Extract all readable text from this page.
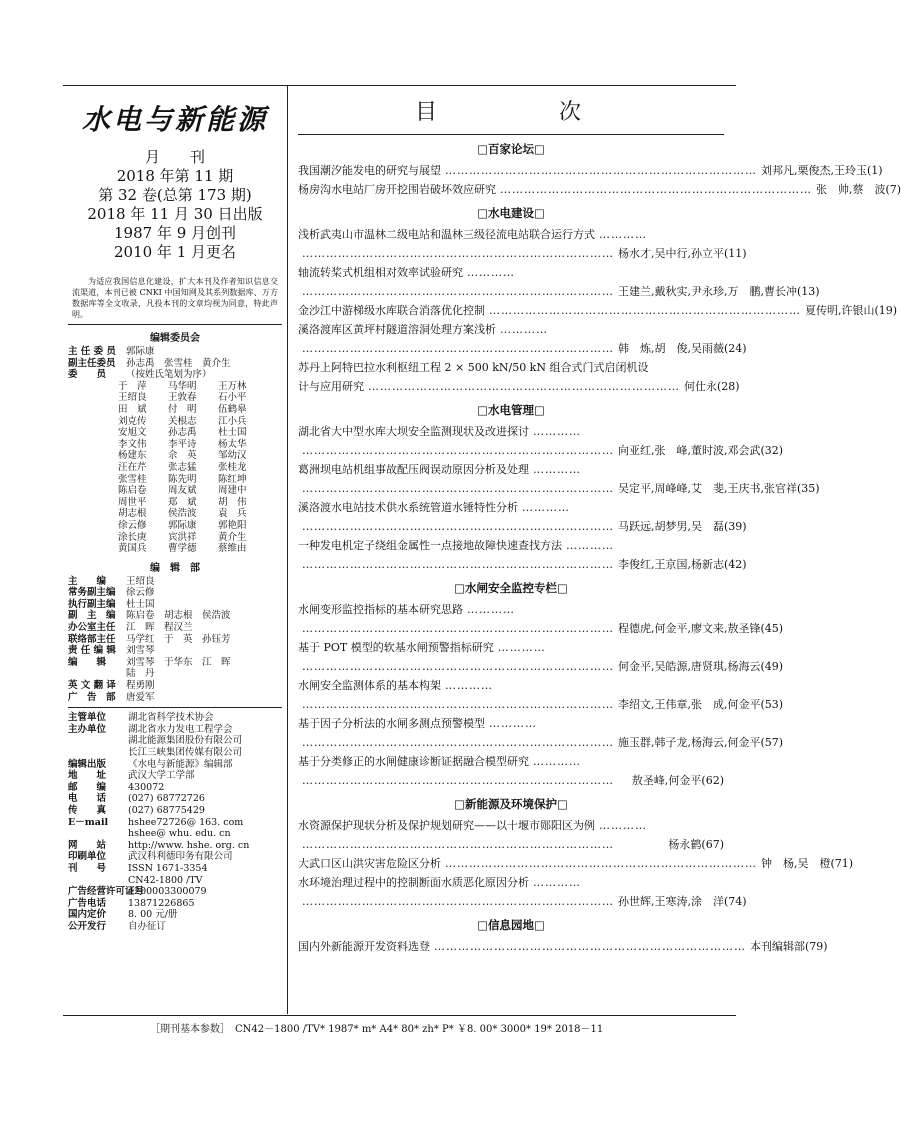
水电与新能源
月　　刊
2018 年第 11 期
第 32 卷(总第 173 期)
2018 年 11 月 30 日出版
1987 年 9 月创刊
2010 年 1 月更名
为适应我国信息化建设，扩大本刊及作者知识信息交流渠道，本刊已被 CNKI 中国知网及其系列数据库、万方数据库等全文收录，凡投本刊的文章均视为同意，特此声明。
编辑委员会
主 任 委 员	郭际康
副主任委员	孙志禹　张雪桂　黄介生
委　　员	（按姓氏笔划为序）
于　萍	马华明	王万林
王绍良	王敦春	石小平
田　斌	付　明	伍鹤皋
刘克传	关根志	江小兵
安旭文	孙志禹	杜士国
李文伟	李平诗	杨太华
杨建东	佘　英	邹幼汉
汪在芹	张志猛	张桂龙
张雪桂	陈先明	陈红坤
陈启卷	周友斌	周建中
周世平	郑　斌	胡　伟
胡志根	侯浩波	袁　兵
徐云修	郭际康	郭艳阳
涂长庚	宾洪祥	黄介生
黄国兵	曹学德	蔡维由
编　辑　部
主　　编	王绍良
常务副主编	徐云修
执行副主编	杜士国
副　主　编	陈启卷　胡志根　侯浩波
办公室主任	江　晖　程汉兰
联络部主任	马学红　于　英　孙钰芳
责 任 编 辑	刘雪琴
编　　辑	刘雪琴　于华东　江　晖
陆　丹
英 文 翻 译	程勇刚
广　告　部	唐爱军
主管单位	湖北省科学技术协会
主办单位	湖北省水力发电工程学会
湖北能源集团股份有限公司
长江三峡集团传媒有限公司
编辑出版	《水电与新能源》编辑部
地　　址	武汉大学工学部
邮　　编	430072
电　　话	(027) 68772726
传　　真	(027) 68775429
E－mail	hshee72726@ 163. com
hshee@ whu. edu. cn
网　　站	http://www. hshe. org. cn
印刷单位	武汉科利德印务有限公司
刊　　号	ISSN 1671-3354
CN42-1800 /TV
广告经营许可证号
4200003300079
广告电话	13871226865
国内定价	8. 00 元/册
公开发行	自办征订
目　次
□百家论坛□
我国潮汐能发电的研究与展望 …………………………………………………………………… 刘邦凡,栗俊杰,王玲玉(1)
杨房沟水电站厂房开挖围岩破坏效应研究 …………………………………………………………………… 张　帅,蔡　波(7)
□水电建设□
浅析武夷山市温林二级电站和温林三级径流电站联合运行方式 …………
…………………………………………………………………… 杨水才,吴中行,孙立平(11)
轴流转桨式机组相对效率试验研究 …………
…………………………………………………………………… 王建兰,戴秋实,尹永珍,万　鹏,曹长冲(13)
金沙江中游梯级水库联合消落优化控制 …………………………………………………………………… 夏传明,许银山(19)
溪洛渡库区黄坪村隧道溶洞处理方案浅析 …………
…………………………………………………………………… 韩　炼,胡　俊,吴雨薇(24)
苏丹上阿特巴拉水利枢纽工程 2 × 500 kN/50 kN 组合式门式启闭机设
计与应用研究 …………………………………………………………………… 何仕永(28)
□水电管理□
湖北省大中型水库大坝安全监测现状及改进探讨 …………
…………………………………………………………………… 向亚红,张　峰,董时波,邓会武(32)
葛洲坝电站机组事故配压阀误动原因分析及处理 …………
…………………………………………………………………… 吴定平,周峰峰,艾　斐,王庆书,张官祥(35)
溪洛渡水电站技术供水系统管道水锤特性分析 …………
…………………………………………………………………… 马跃远,胡梦男,吴　磊(39)
一种发电机定子绕组金属性一点接地故障快速查找方法 …………
…………………………………………………………………… 李俊红,王京国,杨新志(42)
□水闸安全监控专栏□
水闸变形监控指标的基本研究思路 …………
…………………………………………………………………… 程德虎,何金平,廖文来,敖圣锋(45)
基于 POT 模型的软基水闸预警指标研究 …………
…………………………………………………………………… 何金平,吴皓源,唐贤琪,杨海云(49)
水闸安全监测体系的基本构架 …………
…………………………………………………………………… 李绍文,王伟章,张　成,何金平(53)
基于因子分析法的水闸多测点预警模型 …………
…………………………………………………………………… 施玉群,韩子龙,杨海云,何金平(57)
基于分类修正的水闸健康诊断证据融合模型研究 …………
……………………………………………………………………	敖圣峰,何金平(62)
□新能源及环境保护□
水资源保护现状分析及保护规划研究——以十堰市郧阳区为例 …………
……………………………………………………………………	杨永鹤(67)
大武口区山洪灾害危险区分析 …………………………………………………………………… 钟　杨,吴　橙(71)
水环境治理过程中的控制断面水质恶化原因分析 …………
…………………………………………………………………… 孙世辉,王寒涛,涂　洋(74)
□信息园地□
国内外新能源开发资料选登 …………………………………………………………………… 本刊编辑部(79)
［期刊基本参数］　CN42－1800 /TV* 1987* m* A4* 80* zh* P* ￥8. 00* 3000* 19* 2018－11
